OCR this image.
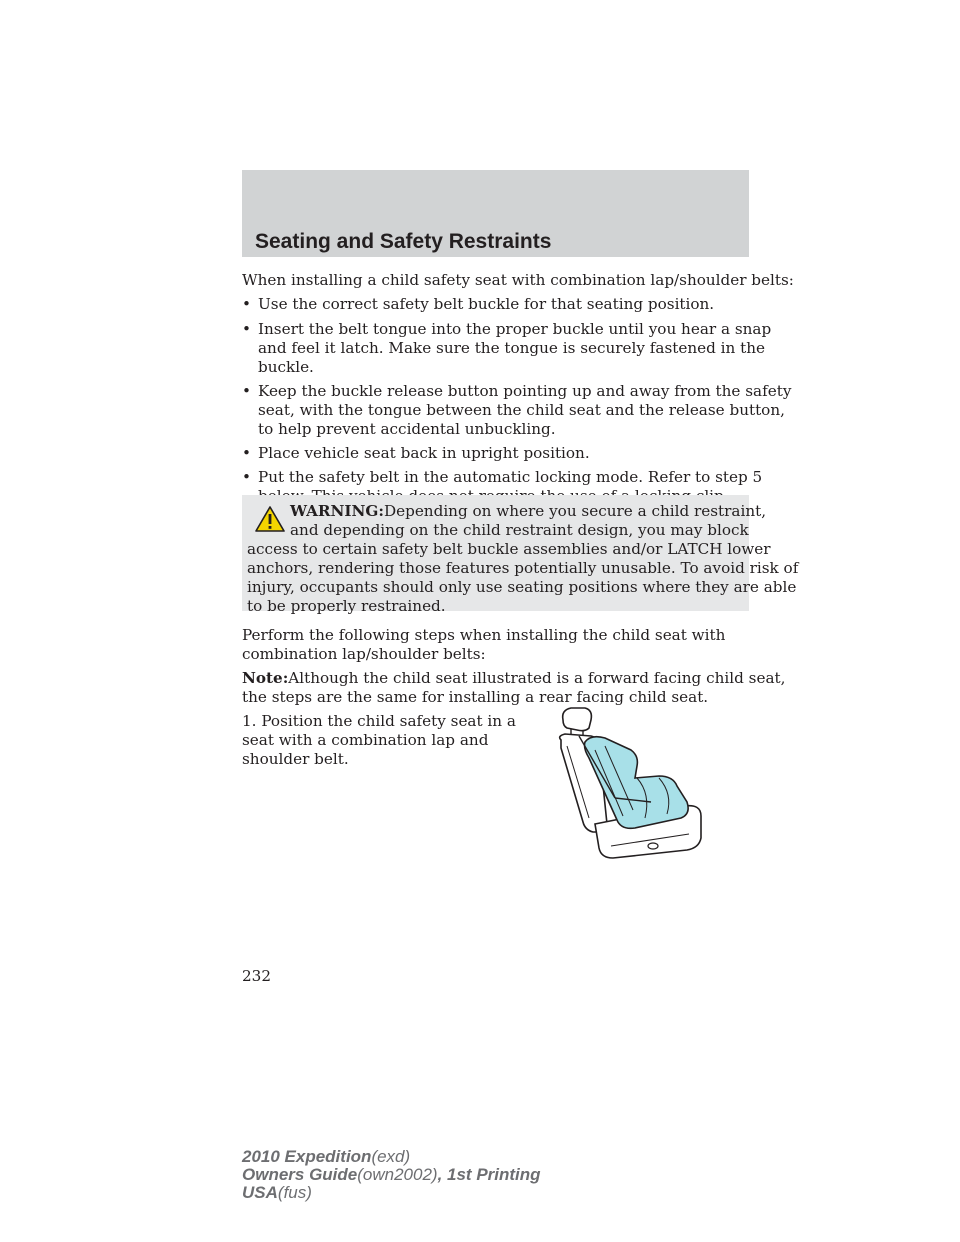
Seating and Safety Restraints
When installing a child safety seat with combination lap/shoulder belts:
• Use the correct safety belt buckle for that seating position.
• Insert the belt tongue into the proper buckle until you hear a snap
and feel it latch. Make sure the tongue is securely fastened in the
buckle.
• Keep the buckle release button pointing up and away from the safety
seat, with the tongue between the child seat and the release button,
to help prevent accidental unbuckling.
• Place vehicle seat back in upright position.
• Put the safety belt in the automatic locking mode. Refer to step 5
WARNING:Depending on where you secure a child restraint,
and depending on the child restraint design, you may block
access to certain safety belt buckle assemblies and/or LATCH lower
anchors, rendering those features potentially unusable. To avoid risk of
injury, occupants should only use seating positions where they are able
to be properly restrained.
Perform the following steps when installing the child seat with
combination lap/shoulder belts:
Note:Although the child seat illustrated is a forward facing child seat,
the steps are the same for installing a rear facing child seat.
1. Position the child safety seat in a
seat with a combination lap and
shoulder belt.
232
2010 Expedition(exd)
Owners Guide(own2002), 1st Printing
USA(fus)
